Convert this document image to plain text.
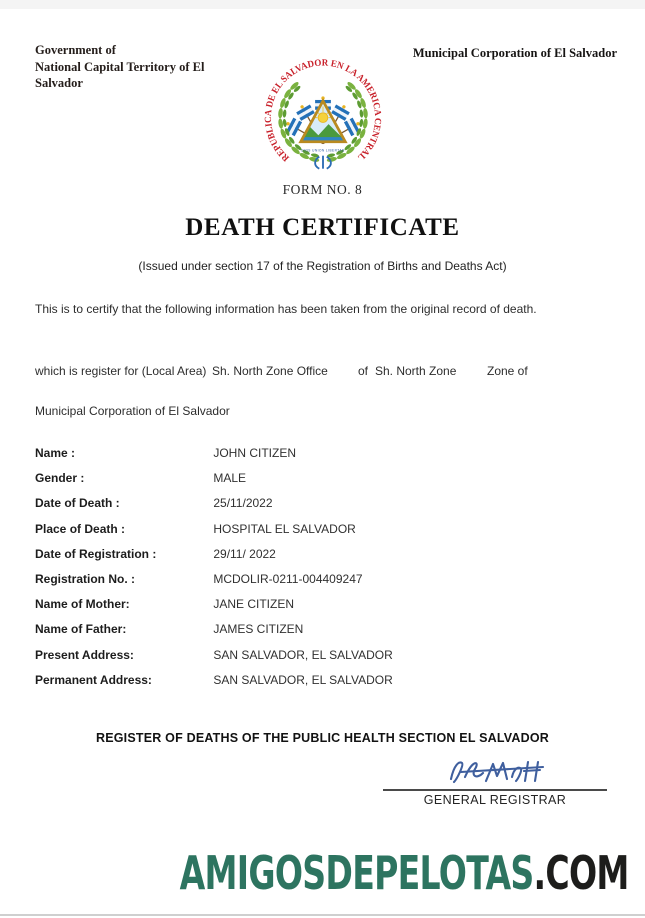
Government of
National Capital Territory of El
Salvador
Municipal Corporation of El Salvador
DIOS UNION LIBERTAD
REPUBLICA DE EL SALVADOR EN LA AMERICA CENTRAL
FORM NO. 8
DEATH CERTIFICATE
(Issued under section 17 of the Registration of Births and Deaths Act)
This is to certify that the following information has been taken from the original record of death.
which is register for (Local Area) Sh. North Zone Office	of Sh. North Zone	Zone of
Municipal Corporation of El Salvador
Name :	JOHN CITIZEN
Gender :	MALE
Date of Death :	25/11/2022
Place of Death :	HOSPITAL EL SALVADOR
Date of Registration :	29/11/ 2022
Registration No. :	MCDOLIR-0211-004409247
Name of Mother:	JANE CITIZEN
Name of Father:	JAMES CITIZEN
Present Address:	SAN SALVADOR, EL SALVADOR
Permanent Address:	SAN SALVADOR, EL SALVADOR
REGISTER OF DEATHS OF THE PUBLIC HEALTH SECTION EL SALVADOR
GENERAL REGISTRAR
AMIGOSDEPELOTAS.COM
